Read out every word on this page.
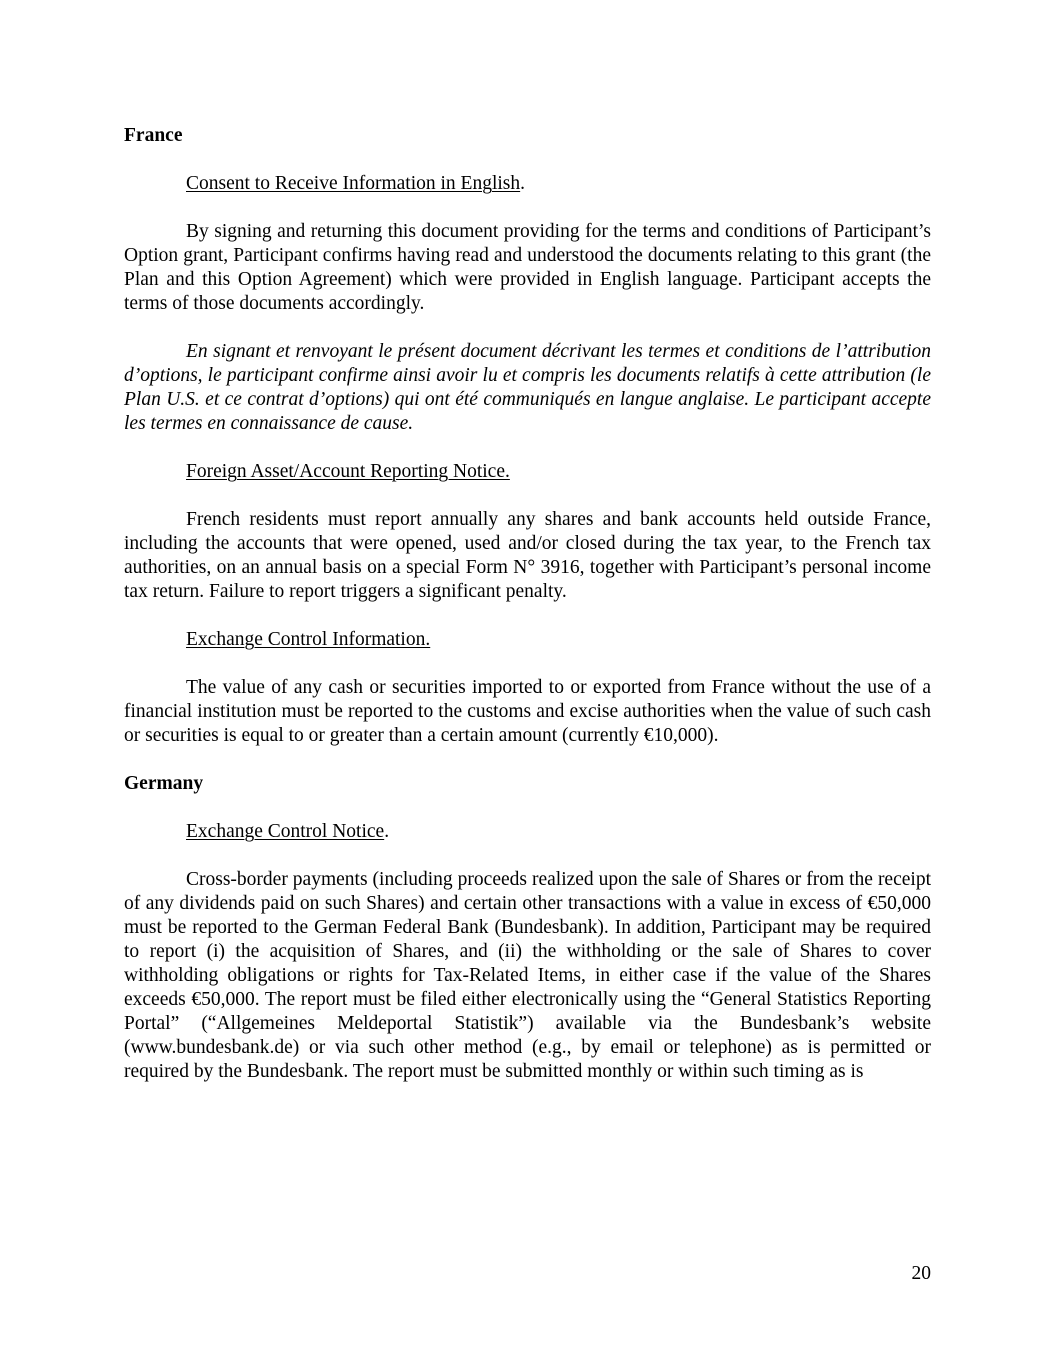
France
Consent to Receive Information in English.

By signing and returning this document providing for the terms and conditions of Participant’s Option grant, Participant confirms having read and understood the documents relating to this grant (the Plan and this Option Agreement) which were provided in English language. Participant accepts the terms of those documents accordingly.

En signant et renvoyant le présent document décrivant les termes et conditions de l’attribution d’options, le participant confirme ainsi avoir lu et compris les documents relatifs à cette attribution (le Plan U.S. et ce contrat d’options) qui ont été communiqués en langue anglaise. Le participant accepte les termes en connaissance de cause.

Foreign Asset/Account Reporting Notice.

French residents must report annually any shares and bank accounts held outside France, including the accounts that were opened, used and/or closed during the tax year, to the French tax authorities, on an annual basis on a special Form N° 3916, together with Participant’s personal income tax return. Failure to report triggers a significant penalty.

Exchange Control Information.

The value of any cash or securities imported to or exported from France without the use of a financial institution must be reported to the customs and excise authorities when the value of such cash or securities is equal to or greater than a certain amount (currently €10,000).

Germany
Exchange Control Notice.

Cross-border payments (including proceeds realized upon the sale of Shares or from the receipt of any dividends paid on such Shares) and certain other transactions with a value in excess of €50,000 must be reported to the German Federal Bank (Bundesbank). In addition, Participant may be required to report (i) the acquisition of Shares, and (ii) the withholding or the sale of Shares to cover withholding obligations or rights for Tax-Related Items, in either case if the value of the Shares exceeds €50,000. The report must be filed either electronically using the “General Statistics Reporting Portal” (“Allgemeines Meldeportal Statistik”) available via the Bundesbank’s website (www.bundesbank.de) or via such other method (e.g., by email or telephone) as is permitted or required by the Bundesbank. The report must be submitted monthly or within such timing as is

20
